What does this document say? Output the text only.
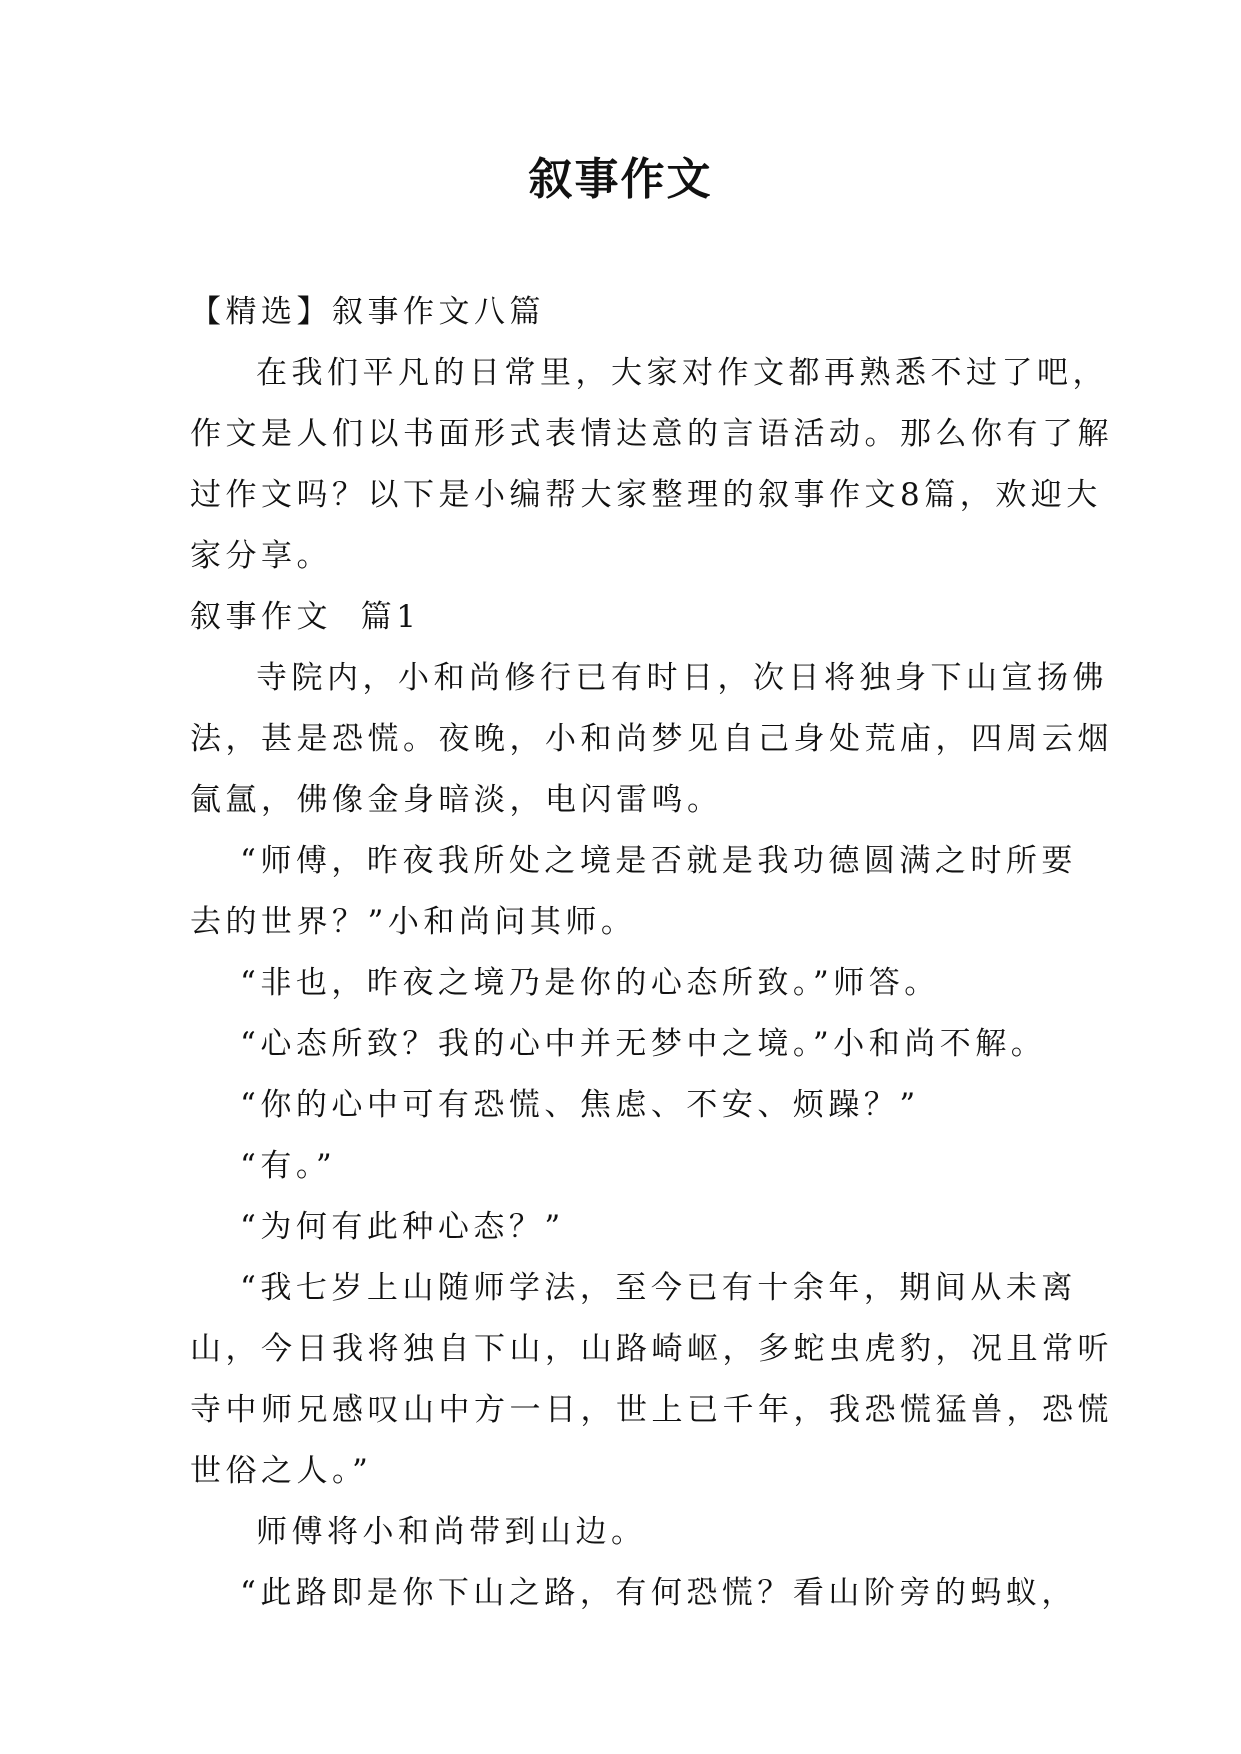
叙事作文

【精选】叙事作文八篇

在我们平凡的日常里，大家对作文都再熟悉不过了吧，

作文是人们以书面形式表情达意的言语活动。那么你有了解

过作文吗？以下是小编帮大家整理的叙事作文8篇，欢迎大

家分享。

叙事作文  篇1

寺院内，小和尚修行已有时日，次日将独身下山宣扬佛

法，甚是恐慌。夜晚，小和尚梦见自己身处荒庙，四周云烟

氤氲，佛像金身暗淡，电闪雷鸣。

“师傅，昨夜我所处之境是否就是我功德圆满之时所要

去的世界？”小和尚问其师。

“非也，昨夜之境乃是你的心态所致。”师答。

“心态所致？我的心中并无梦中之境。”小和尚不解。

“你的心中可有恐慌、焦虑、不安、烦躁？”

“有。”

“为何有此种心态？”

“我七岁上山随师学法，至今已有十余年，期间从未离

山，今日我将独自下山，山路崎岖，多蛇虫虎豹，况且常听

寺中师兄感叹山中方一日，世上已千年，我恐慌猛兽，恐慌

世俗之人。”

师傅将小和尚带到山边。

“此路即是你下山之路，有何恐慌？看山阶旁的蚂蚁，
